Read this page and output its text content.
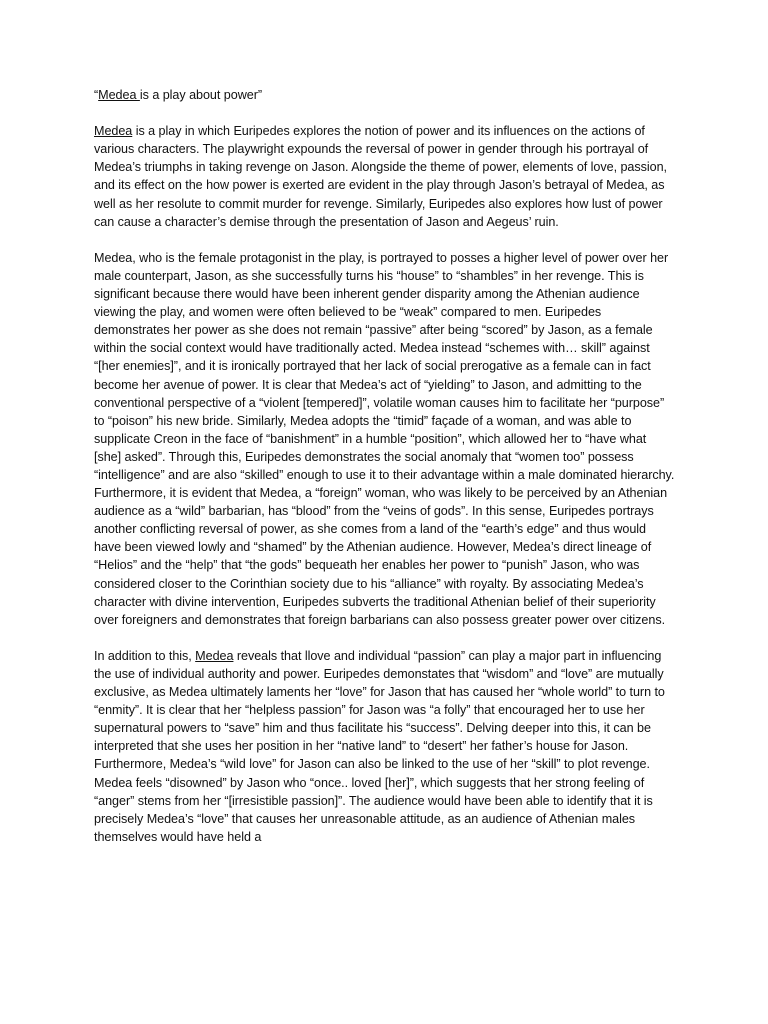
“Medea is a play about power”

Medea is a play in which Euripedes explores the notion of power and its influences on the actions of various characters. The playwright expounds the reversal of power in gender through his portrayal of Medea’s triumphs in taking revenge on Jason. Alongside the theme of power, elements of love, passion, and its effect on the how power is exerted are evident in the play through Jason’s betrayal of Medea, as well as her resolute to commit murder for revenge. Similarly, Euripedes also explores how lust of power can cause a character’s demise through the presentation of Jason and Aegeus’ ruin.

Medea, who is the female protagonist in the play, is portrayed to posses a higher level of power over her male counterpart, Jason, as she successfully turns his “house” to “shambles” in her revenge. This is significant because there would have been inherent gender disparity among the Athenian audience viewing the play, and women were often believed to be “weak” compared to men. Euripedes demonstrates her power as she does not remain “passive” after being “scored” by Jason, as a female within the social context would have traditionally acted. Medea instead “schemes with… skill” against “[her enemies]”, and it is ironically portrayed that her lack of social prerogative as a female can in fact become her avenue of power. It is clear that Medea’s act of “yielding” to Jason, and admitting to the conventional perspective of a “violent [tempered]”, volatile woman causes him to facilitate her “purpose” to “poison” his new bride. Similarly, Medea adopts the “timid” façade of a woman, and was able to supplicate Creon in the face of “banishment” in a humble “position”, which allowed her to “have what [she] asked”. Through this, Euripedes demonstrates the social anomaly that “women too” possess “intelligence” and are also “skilled” enough to use it to their advantage within a male dominated hierarchy.

Furthermore, it is evident that Medea, a “foreign” woman, who was likely to be perceived by an Athenian audience as a “wild” barbarian, has “blood” from the “veins of gods”. In this sense, Euripedes portrays another conflicting reversal of power, as she comes from a land of the “earth’s edge” and thus would have been viewed lowly and “shamed” by the Athenian audience. However, Medea’s direct lineage of “Helios” and the “help” that “the gods” bequeath her enables her power to “punish” Jason, who was considered closer to the Corinthian society due to his “alliance” with royalty. By associating Medea’s character with divine intervention, Euripedes subverts the traditional Athenian belief of their superiority over foreigners and demonstrates that foreign barbarians can also possess greater power over citizens.

In addition to this, Medea reveals that llove and individual “passion” can play a major part in influencing the use of individual authority and power. Euripedes demonstates that “wisdom” and “love” are mutually exclusive, as Medea ultimately laments her “love” for Jason that has caused her “whole world” to turn to “enmity”. It is clear that her “helpless passion” for Jason was “a folly” that encouraged her to use her supernatural powers to “save” him and thus facilitate his “success”. Delving deeper into this, it can be interpreted that she uses her position in her “native land” to “desert” her father’s house for Jason. Furthermore, Medea’s “wild love” for Jason can also be linked to the use of her “skill” to plot revenge. Medea feels “disowned” by Jason who “once.. loved [her]”, which suggests that her strong feeling of “anger” stems from her “[irresistible passion]”. The audience would have been able to identify that it is precisely Medea’s “love” that causes her unreasonable attitude, as an audience of Athenian males themselves would have held a
